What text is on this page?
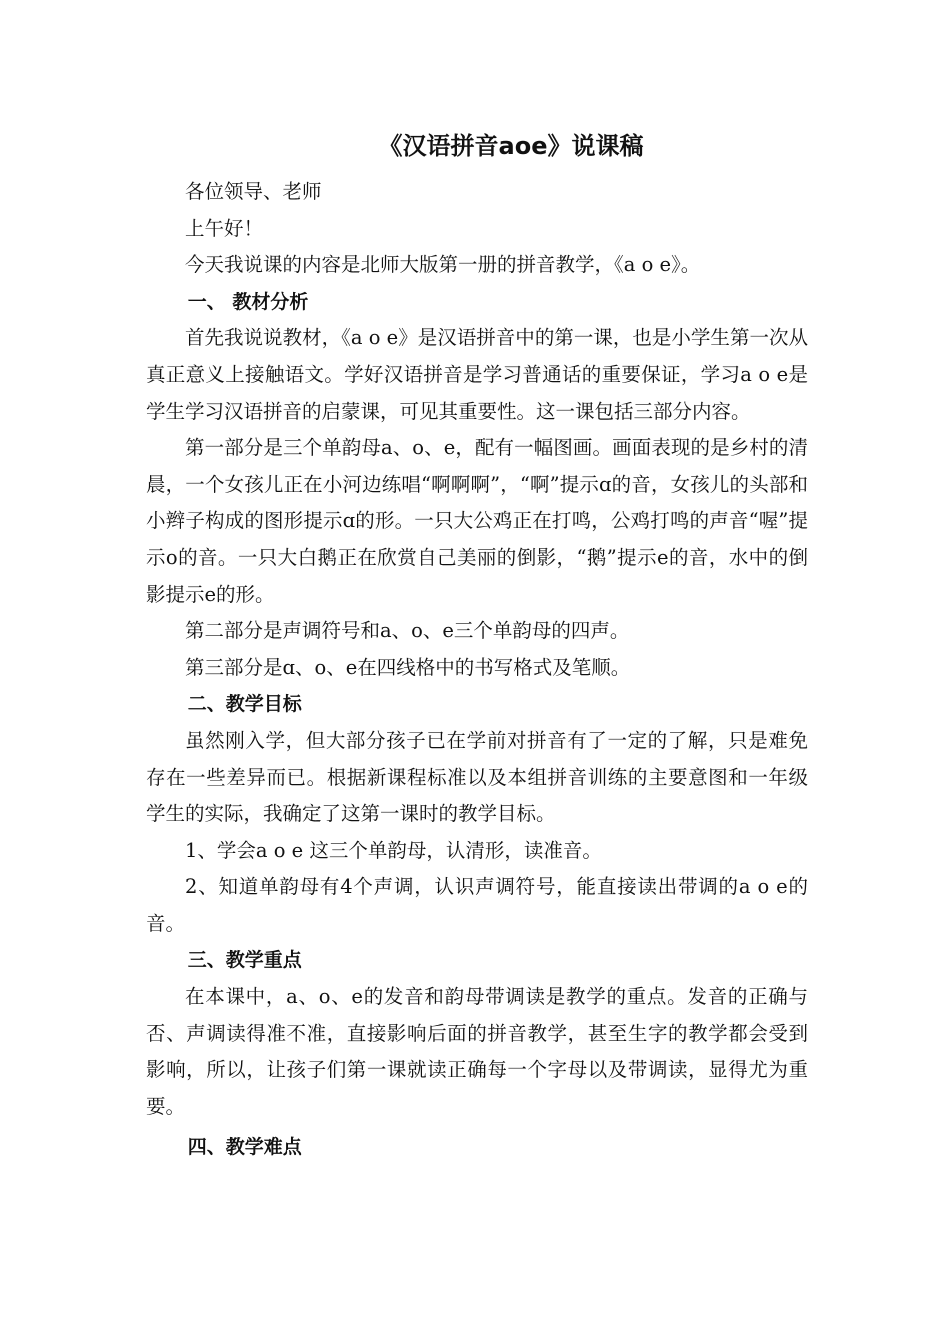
《汉语拼音aoe》说课稿

各位领导、老师

上午好！

今天我说课的内容是北师大版第一册的拼音教学，《a o e》。

一、 教材分析

首先我说说教材，《a o e》是汉语拼音中的第一课，也是小学生第一次从真正意义上接触语文。学好汉语拼音是学习普通话的重要保证，学习a o e是学生学习汉语拼音的启蒙课，可见其重要性。这一课包括三部分内容。

第一部分是三个单韵母a、o、e，配有一幅图画。画面表现的是乡村的清晨，一个女孩儿正在小河边练唱“啊啊啊”，“啊”提示ɑ的音，女孩儿的头部和小辫子构成的图形提示ɑ的形。一只大公鸡正在打鸣，公鸡打鸣的声音“喔”提示o的音。一只大白鹅正在欣赏自己美丽的倒影，“鹅”提示e的音，水中的倒影提示e的形。

第二部分是声调符号和a、o、e三个单韵母的四声。

第三部分是ɑ、o、e在四线格中的书写格式及笔顺。

二、教学目标

虽然刚入学，但大部分孩子已在学前对拼音有了一定的了解，只是难免存在一些差异而已。根据新课程标准以及本组拼音训练的主要意图和一年级学生的实际，我确定了这第一课时的教学目标。

1、学会a o e 这三个单韵母，认清形，读准音。

2、知道单韵母有4个声调，认识声调符号，能直接读出带调的a o e的音。

三、教学重点

在本课中，a、o、e的发音和韵母带调读是教学的重点。发音的正确与否、声调读得准不准，直接影响后面的拼音教学，甚至生字的教学都会受到影响，所以，让孩子们第一课就读正确每一个字母以及带调读，显得尤为重要。

四、教学难点
